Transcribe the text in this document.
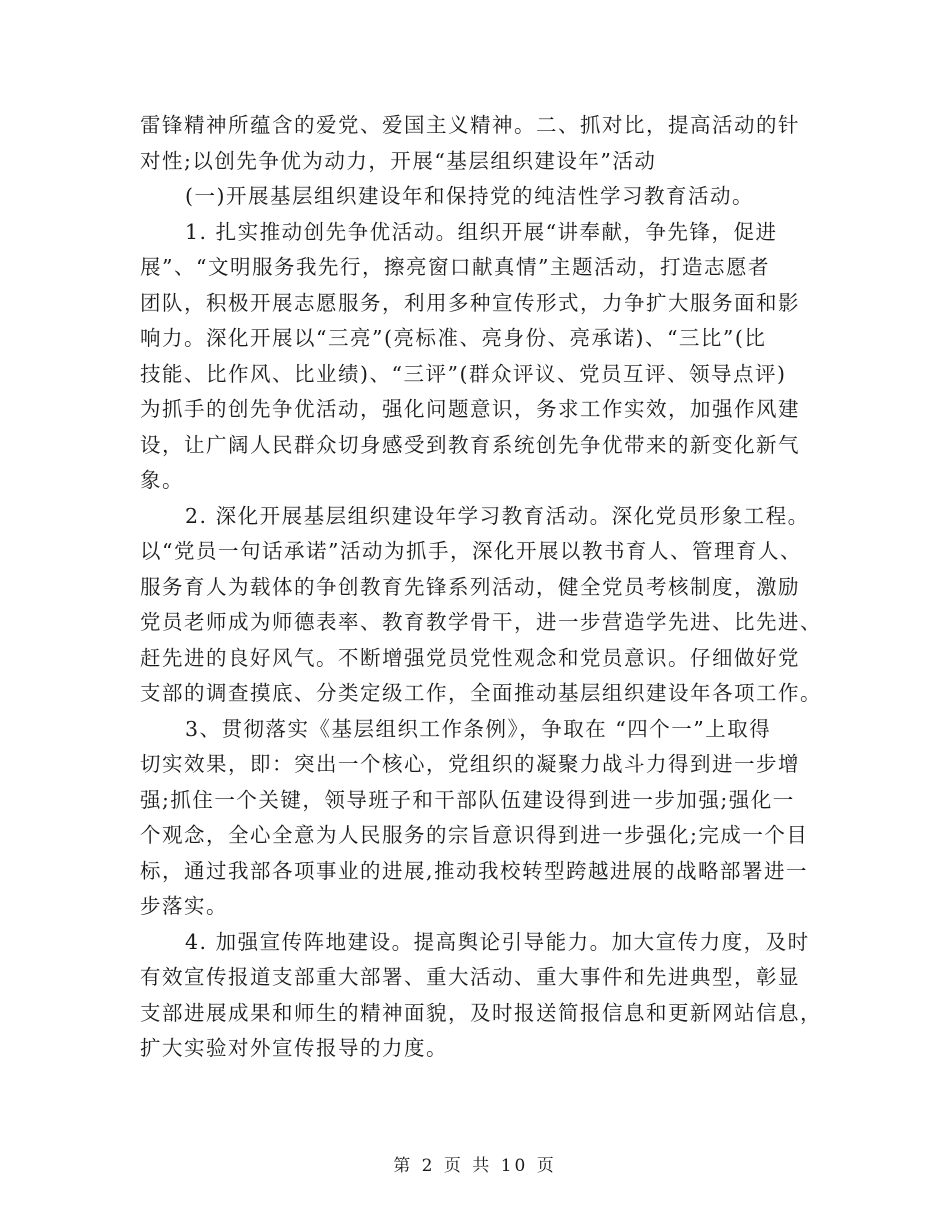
雷锋精神所蕴含的爱党、爱国主义精神。二、抓对比，提高活动的针
对性;以创先争优为动力，开展“基层组织建设年”活动
(一)开展基层组织建设年和保持党的纯洁性学习教育活动。
1. 扎实推动创先争优活动。组织开展“讲奉献，争先锋，促进
展”、“文明服务我先行，擦亮窗口献真情”主题活动，打造志愿者
团队，积极开展志愿服务，利用多种宣传形式，力争扩大服务面和影
响力。深化开展以“三亮”(亮标准、亮身份、亮承诺)、“三比”(比
技能、比作风、比业绩)、“三评”(群众评议、党员互评、领导点评)
为抓手的创先争优活动，强化问题意识，务求工作实效，加强作风建
设，让广阔人民群众切身感受到教育系统创先争优带来的新变化新气
象。
2. 深化开展基层组织建设年学习教育活动。深化党员形象工程。
以“党员一句话承诺”活动为抓手，深化开展以教书育人、管理育人、
服务育人为载体的争创教育先锋系列活动，健全党员考核制度，激励
党员老师成为师德表率、教育教学骨干，进一步营造学先进、比先进、
赶先进的良好风气。不断增强党员党性观念和党员意识。仔细做好党
支部的调查摸底、分类定级工作，全面推动基层组织建设年各项工作。
3、贯彻落实《基层组织工作条例》，争取在 “四个一”上取得
切实效果，即：突出一个核心，党组织的凝聚力战斗力得到进一步增
强;抓住一个关键，领导班子和干部队伍建设得到进一步加强;强化一
个观念，全心全意为人民服务的宗旨意识得到进一步强化;完成一个目
标，通过我部各项事业的进展,推动我校转型跨越进展的战略部署进一
步落实。
4. 加强宣传阵地建设。提高舆论引导能力。加大宣传力度，及时
有效宣传报道支部重大部署、重大活动、重大事件和先进典型，彰显
支部进展成果和师生的精神面貌，及时报送简报信息和更新网站信息，
扩大实验对外宣传报导的力度。
第 2 页 共 10 页
